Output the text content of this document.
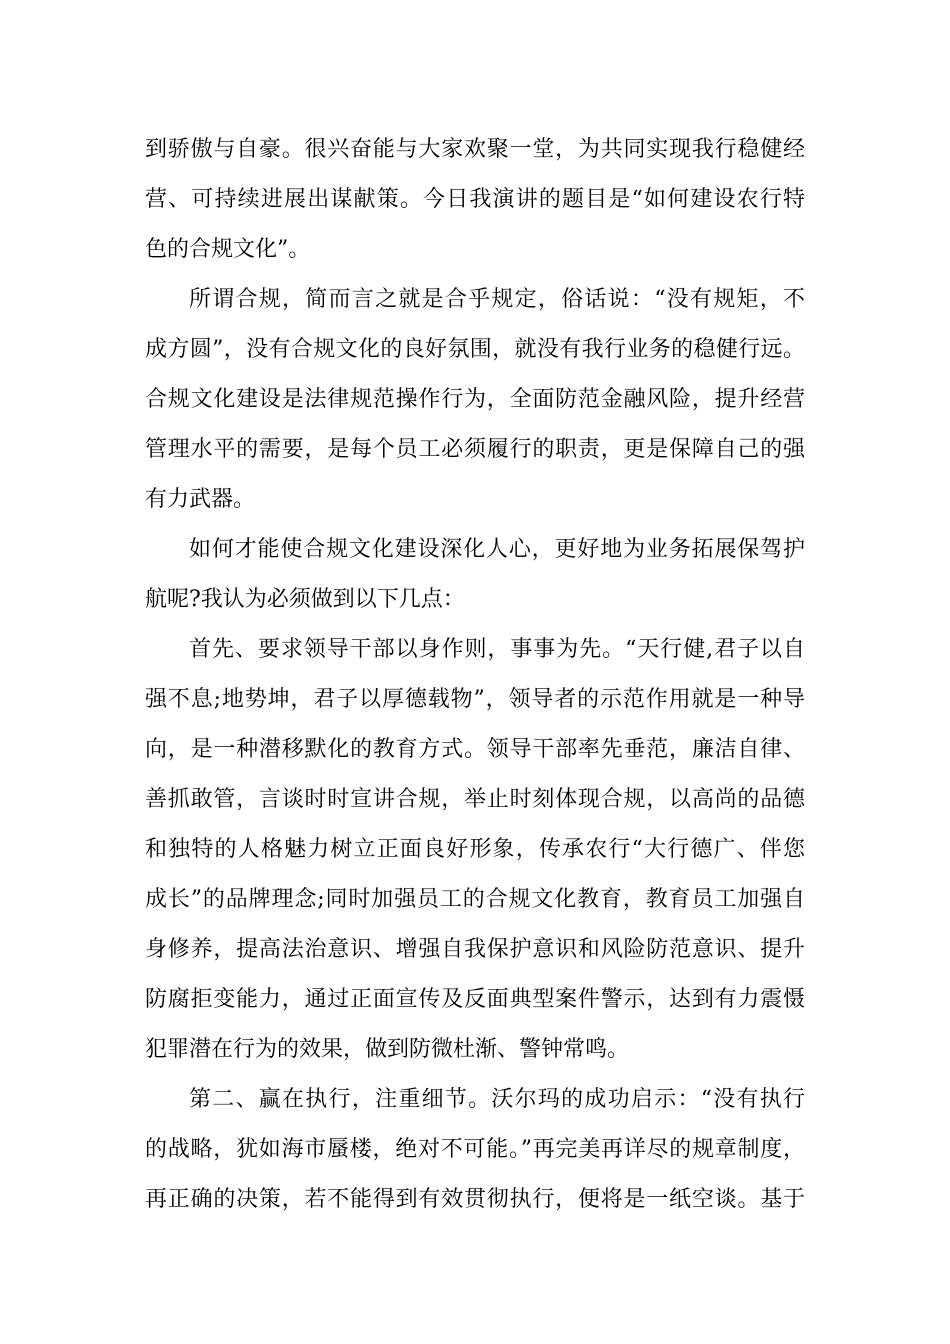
到骄傲与自豪。很兴奋能与大家欢聚一堂，为共同实现我行稳健经
营、可持续进展出谋献策。今日我演讲的题目是“如何建设农行特
色的合规文化”。
所谓合规，简而言之就是合乎规定，俗话说：“没有规矩，不
成方圆”，没有合规文化的良好氛围，就没有我行业务的稳健行远。
合规文化建设是法律规范操作行为，全面防范金融风险，提升经营
管理水平的需要，是每个员工必须履行的职责，更是保障自己的强
有力武器。
如何才能使合规文化建设深化人心，更好地为业务拓展保驾护
航呢?我认为必须做到以下几点：
首先、要求领导干部以身作则，事事为先。“天行健,君子以自
强不息;地势坤，君子以厚德载物”，领导者的示范作用就是一种导
向，是一种潜移默化的教育方式。领导干部率先垂范，廉洁自律、
善抓敢管，言谈时时宣讲合规，举止时刻体现合规，以高尚的品德
和独特的人格魅力树立正面良好形象，传承农行“大行德广、伴您
成长”的品牌理念;同时加强员工的合规文化教育，教育员工加强自
身修养，提高法治意识、增强自我保护意识和风险防范意识、提升
防腐拒变能力，通过正面宣传及反面典型案件警示，达到有力震慑
犯罪潜在行为的效果，做到防微杜渐、警钟常鸣。
第二、赢在执行，注重细节。沃尔玛的成功启示：“没有执行
的战略，犹如海市蜃楼，绝对不可能。”再完美再详尽的规章制度，
再正确的决策，若不能得到有效贯彻执行，便将是一纸空谈。基于
